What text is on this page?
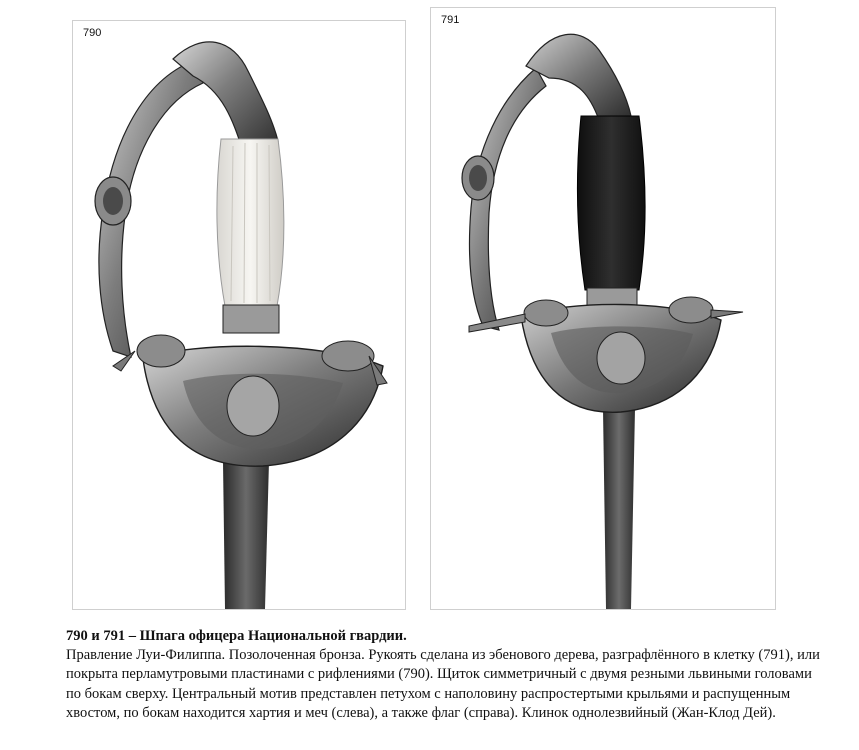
790
791
790 и 791 – Шпага офицера Национальной гвардии.
Правление Луи-Филиппа. Позолоченная бронза. Рукоять сделана из эбенового дерева, разграфлённого в клетку (791), или покрыта перламутровыми пластинами с рифлениями (790). Щиток симметричный с двумя резными львиными головами по бокам сверху. Центральный мотив представлен петухом с наполовину распростертыми крыльями и распущенным хвостом, по бокам находится хартия и меч (слева), а также флаг (справа). Клинок однолезвийный (Жан-Клод Дей).
